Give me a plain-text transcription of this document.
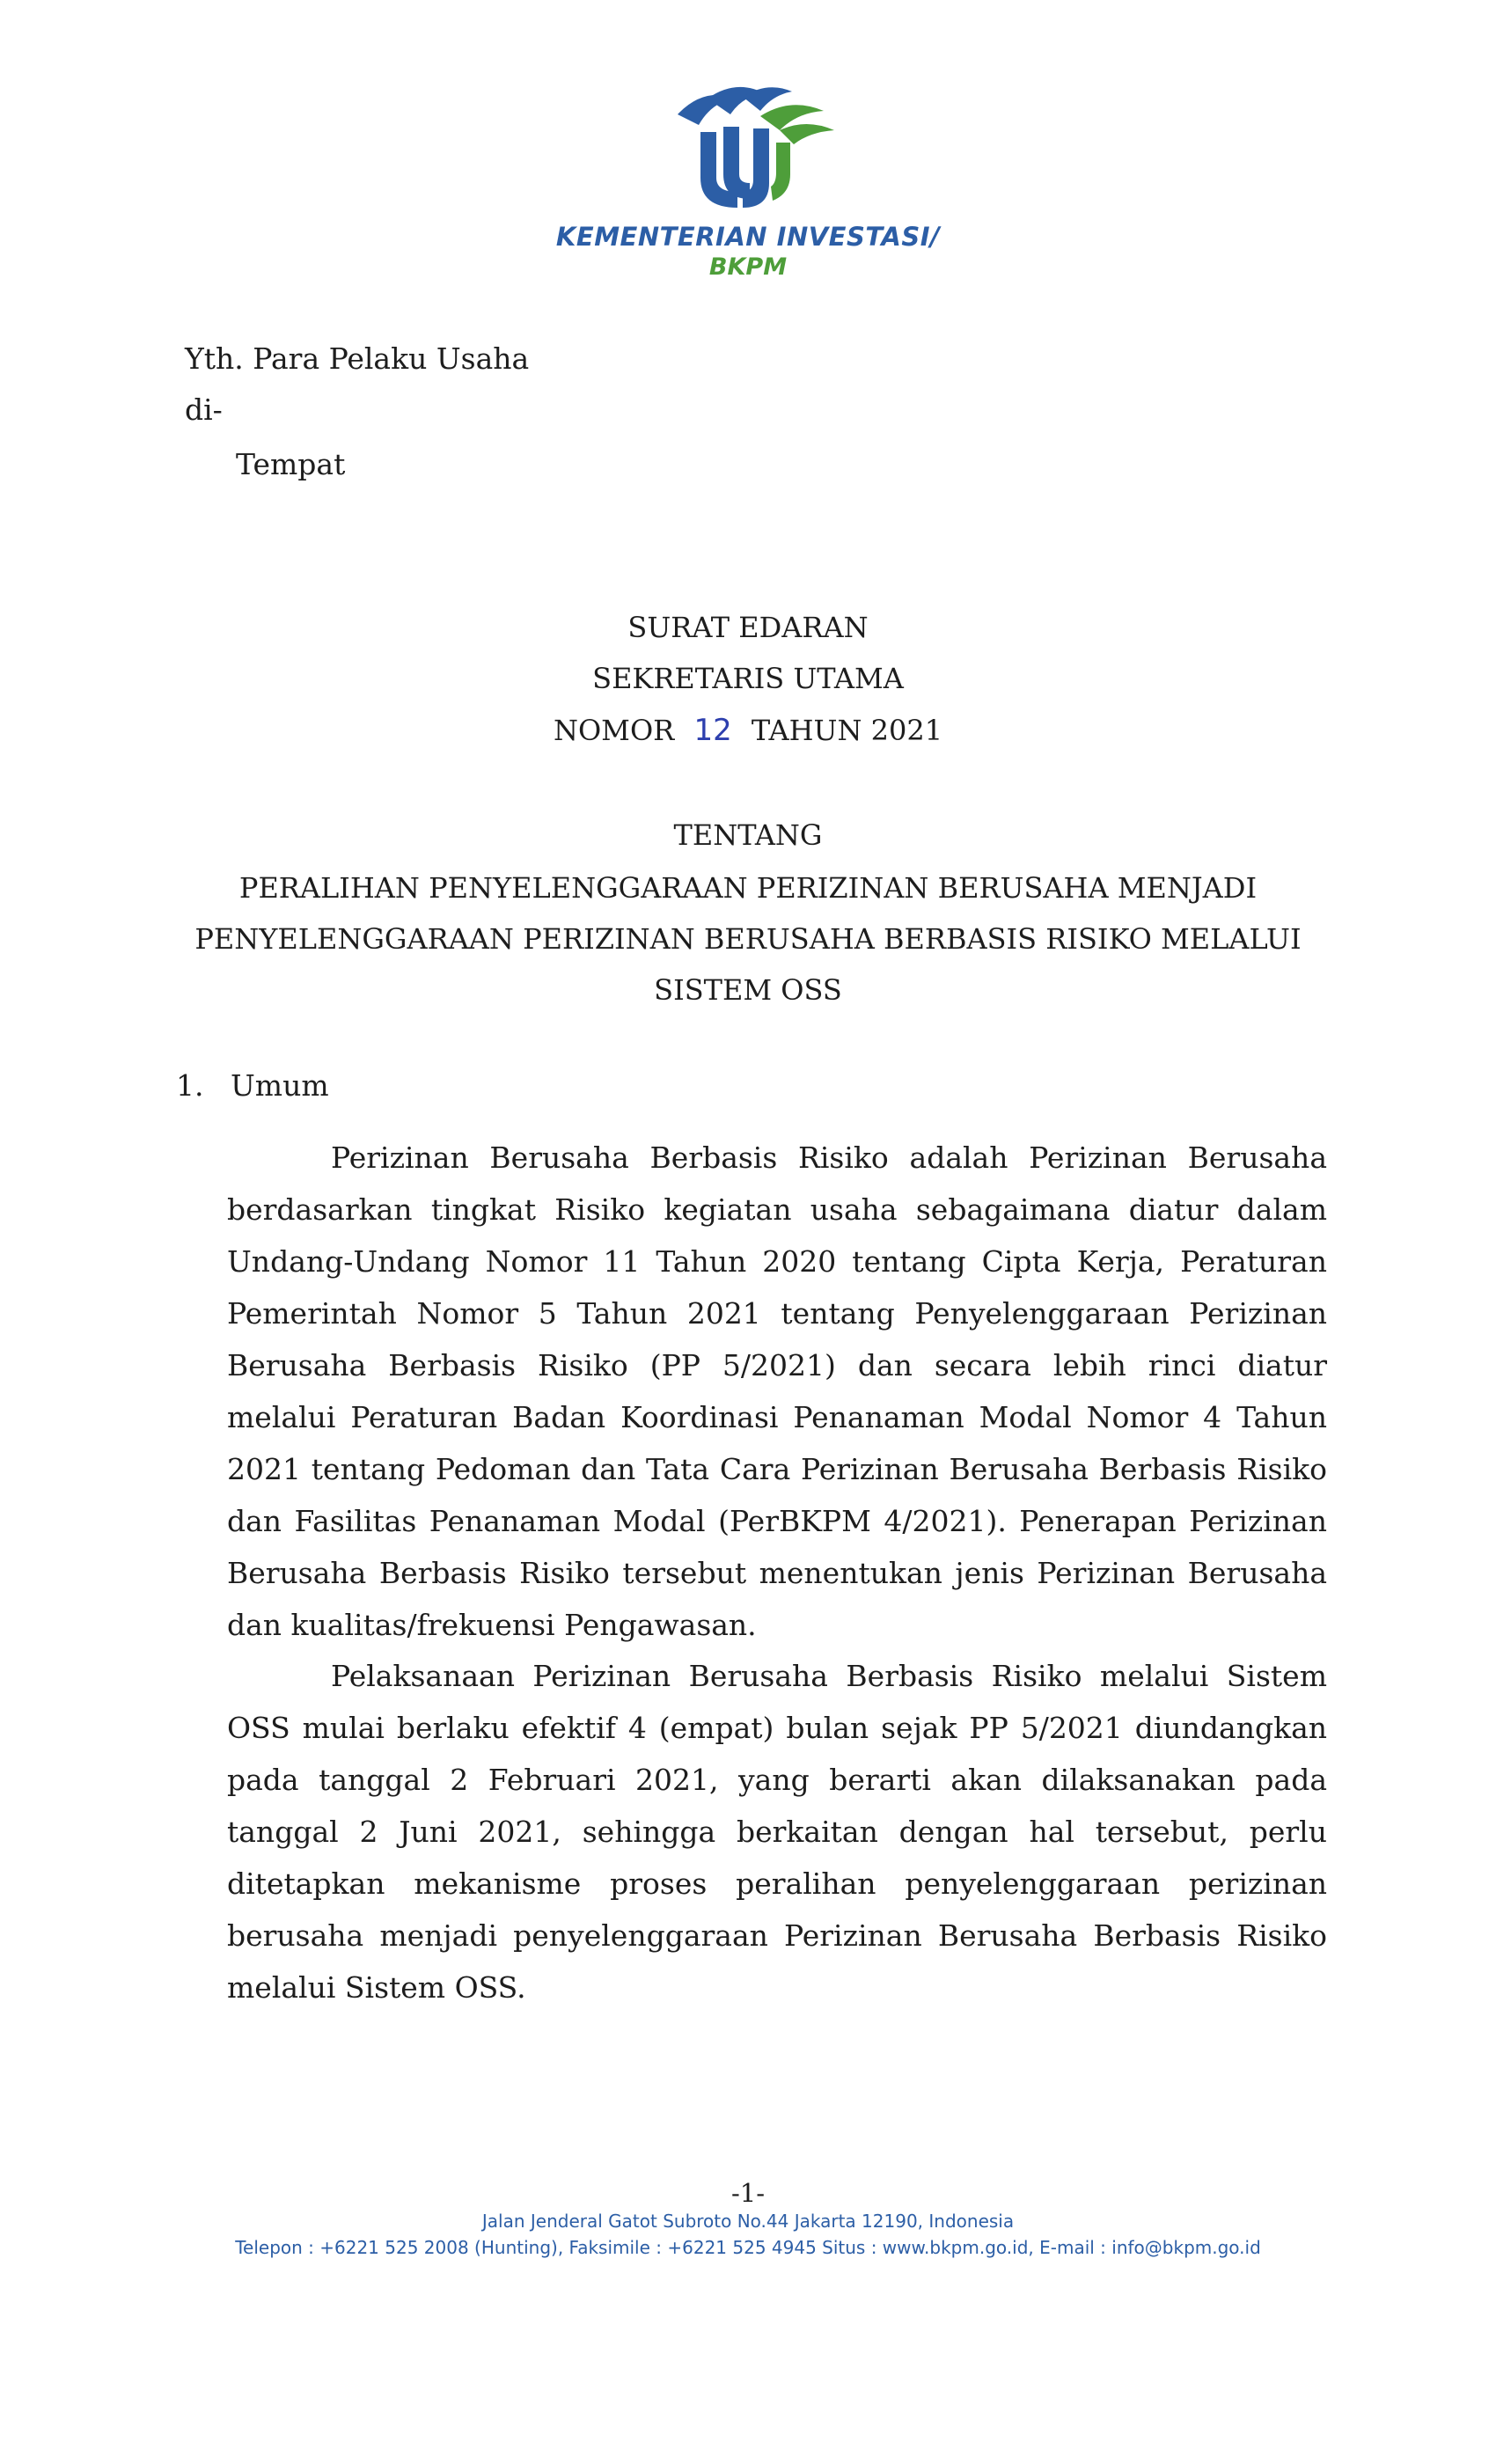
KEMENTERIAN INVESTASI/
BKPM
Yth. Para Pelaku Usaha
di-
Tempat
SURAT EDARAN
SEKRETARIS UTAMA
NOMOR 12 TAHUN 2021
TENTANG
PERALIHAN PENYELENGGARAAN PERIZINAN BERUSAHA MENJADI
PENYELENGGARAAN PERIZINAN BERUSAHA BERBASIS RISIKO MELALUI
SISTEM OSS
1. Umum

Perizinan Berusaha Berbasis Risiko adalah Perizinan Berusaha berdasarkan tingkat Risiko kegiatan usaha sebagaimana diatur dalam Undang-Undang Nomor 11 Tahun 2020 tentang Cipta Kerja, Peraturan Pemerintah Nomor 5 Tahun 2021 tentang Penyelenggaraan Perizinan Berusaha Berbasis Risiko (PP 5/2021) dan secara lebih rinci diatur melalui Peraturan Badan Koordinasi Penanaman Modal Nomor 4 Tahun 2021 tentang Pedoman dan Tata Cara Perizinan Berusaha Berbasis Risiko dan Fasilitas Penanaman Modal (PerBKPM 4/2021). Penerapan Perizinan Berusaha Berbasis Risiko tersebut menentukan jenis Perizinan Berusaha dan kualitas/frekuensi Pengawasan.

Pelaksanaan Perizinan Berusaha Berbasis Risiko melalui Sistem OSS mulai berlaku efektif 4 (empat) bulan sejak PP 5/2021 diundangkan pada tanggal 2 Februari 2021, yang berarti akan dilaksanakan pada tanggal 2 Juni 2021, sehingga berkaitan dengan hal tersebut, perlu ditetapkan mekanisme proses peralihan penyelenggaraan perizinan berusaha menjadi penyelenggaraan Perizinan Berusaha Berbasis Risiko melalui Sistem OSS.

-1-
Jalan Jenderal Gatot Subroto No.44 Jakarta 12190, Indonesia
Telepon : +6221 525 2008 (Hunting), Faksimile : +6221 525 4945 Situs : www.bkpm.go.id, E-mail : info@bkpm.go.id
